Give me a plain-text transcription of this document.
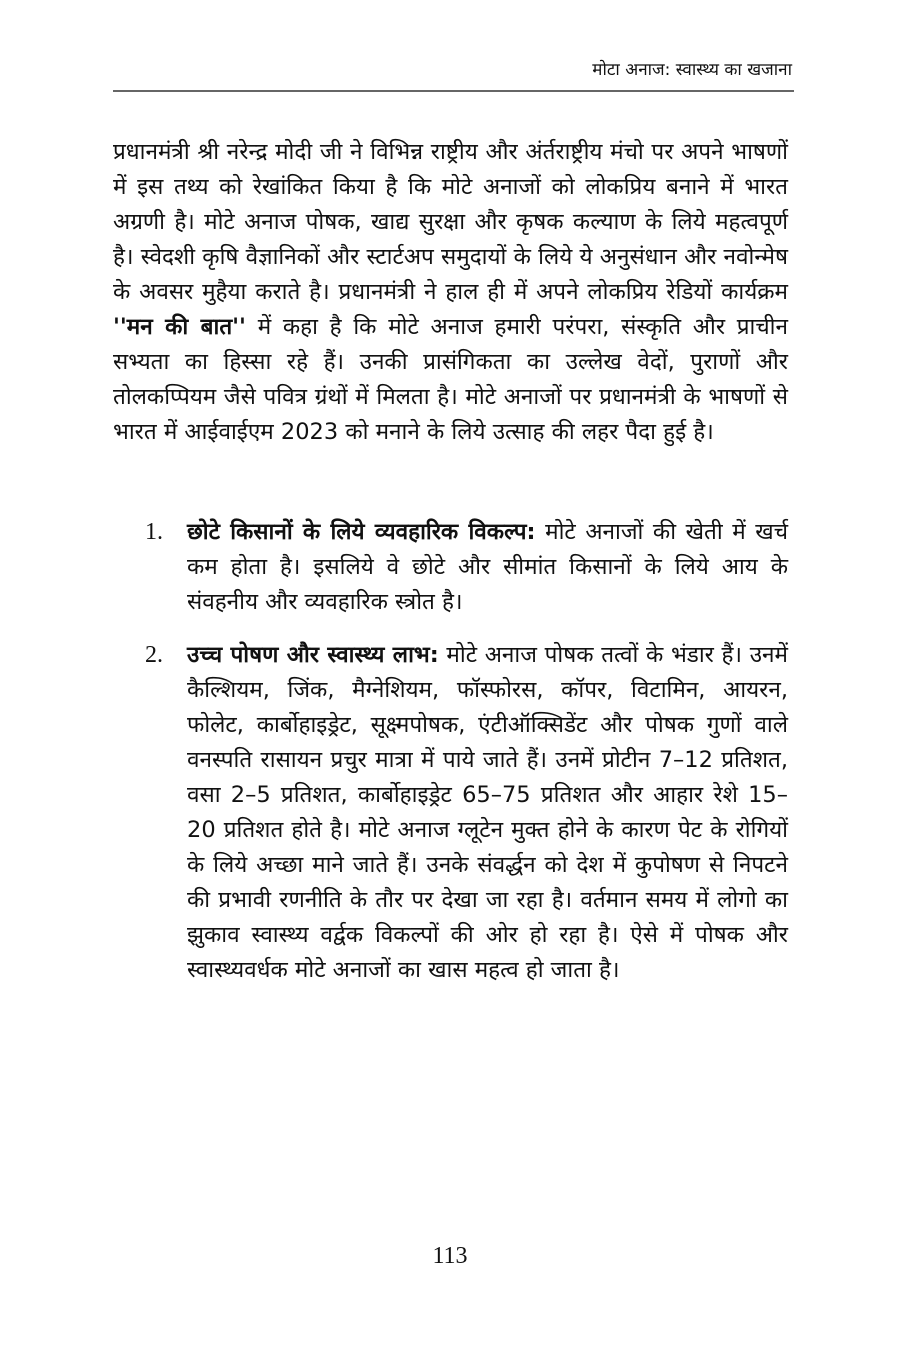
मोटा अनाज: स्वास्थ्य का खजाना

प्रधानमंत्री श्री नरेन्द्र मोदी जी ने विभिन्न राष्ट्रीय और अंर्तराष्ट्रीय मंचो पर अपने भाषणों में इस तथ्य को रेखांकित किया है कि मोटे अनाजों को लोकप्रिय बनाने में भारत अग्रणी है। मोटे अनाज पोषक, खाद्य सुरक्षा और कृषक कल्याण के लिये महत्वपूर्ण है। स्वेदशी कृषि वैज्ञानिकों और स्टार्टअप समुदायों के लिये ये अनुसंधान और नवोन्मेष के अवसर मुहैया कराते है। प्रधानमंत्री ने हाल ही में अपने लोकप्रिय रेडियों कार्यक्रम ''मन की बात'' में कहा है कि मोटे अनाज हमारी परंपरा, संस्कृति और प्राचीन सभ्यता का हिस्सा रहे हैं। उनकी प्रासंगिकता का उल्लेख वेदों, पुराणों और तोलकप्पियम जैसे पवित्र ग्रंथों में मिलता है। मोटे अनाजों पर प्रधानमंत्री के भाषणों से भारत में आईवाईएम 2023 को मनाने के लिये उत्साह की लहर पैदा हुई है।

1.	छोटे किसानों के लिये व्यवहारिक विकल्प: मोटे अनाजों की खेती में खर्च कम होता है। इसलिये वे छोटे और सीमांत किसानों के लिये आय के संवहनीय और व्यवहारिक स्त्रोत है।
2.	उच्च पोषण और स्वास्थ्य लाभ: मोटे अनाज पोषक तत्वों के भंडार हैं। उनमें कैल्शियम, जिंक, मैग्नेशियम, फॉस्फोरस, कॉपर, विटामिन, आयरन, फोलेट, कार्बोहाइड्रेट, सूक्ष्मपोषक, एंटीऑक्सिडेंट और पोषक गुणों वाले वनस्पति रासायन प्रचुर मात्रा में पाये जाते हैं। उनमें प्रोटीन 7–12 प्रतिशत, वसा 2–5 प्रतिशत, कार्बोहाइड्रेट 65–75 प्रतिशत और आहार रेशे 15–20 प्रतिशत होते है। मोटे अनाज ग्लूटेन मुक्त होने के कारण पेट के रोगियों के लिये अच्छा माने जाते हैं। उनके संवर्द्धन को देश में कुपोषण से निपटने की प्रभावी रणनीति के तौर पर देखा जा रहा है। वर्तमान समय में लोगो का झुकाव स्वास्थ्य वर्द्वक विकल्पों की ओर हो रहा है। ऐसे में पोषक और स्वास्थ्यवर्धक मोटे अनाजों का खास महत्व हो जाता है।
113
